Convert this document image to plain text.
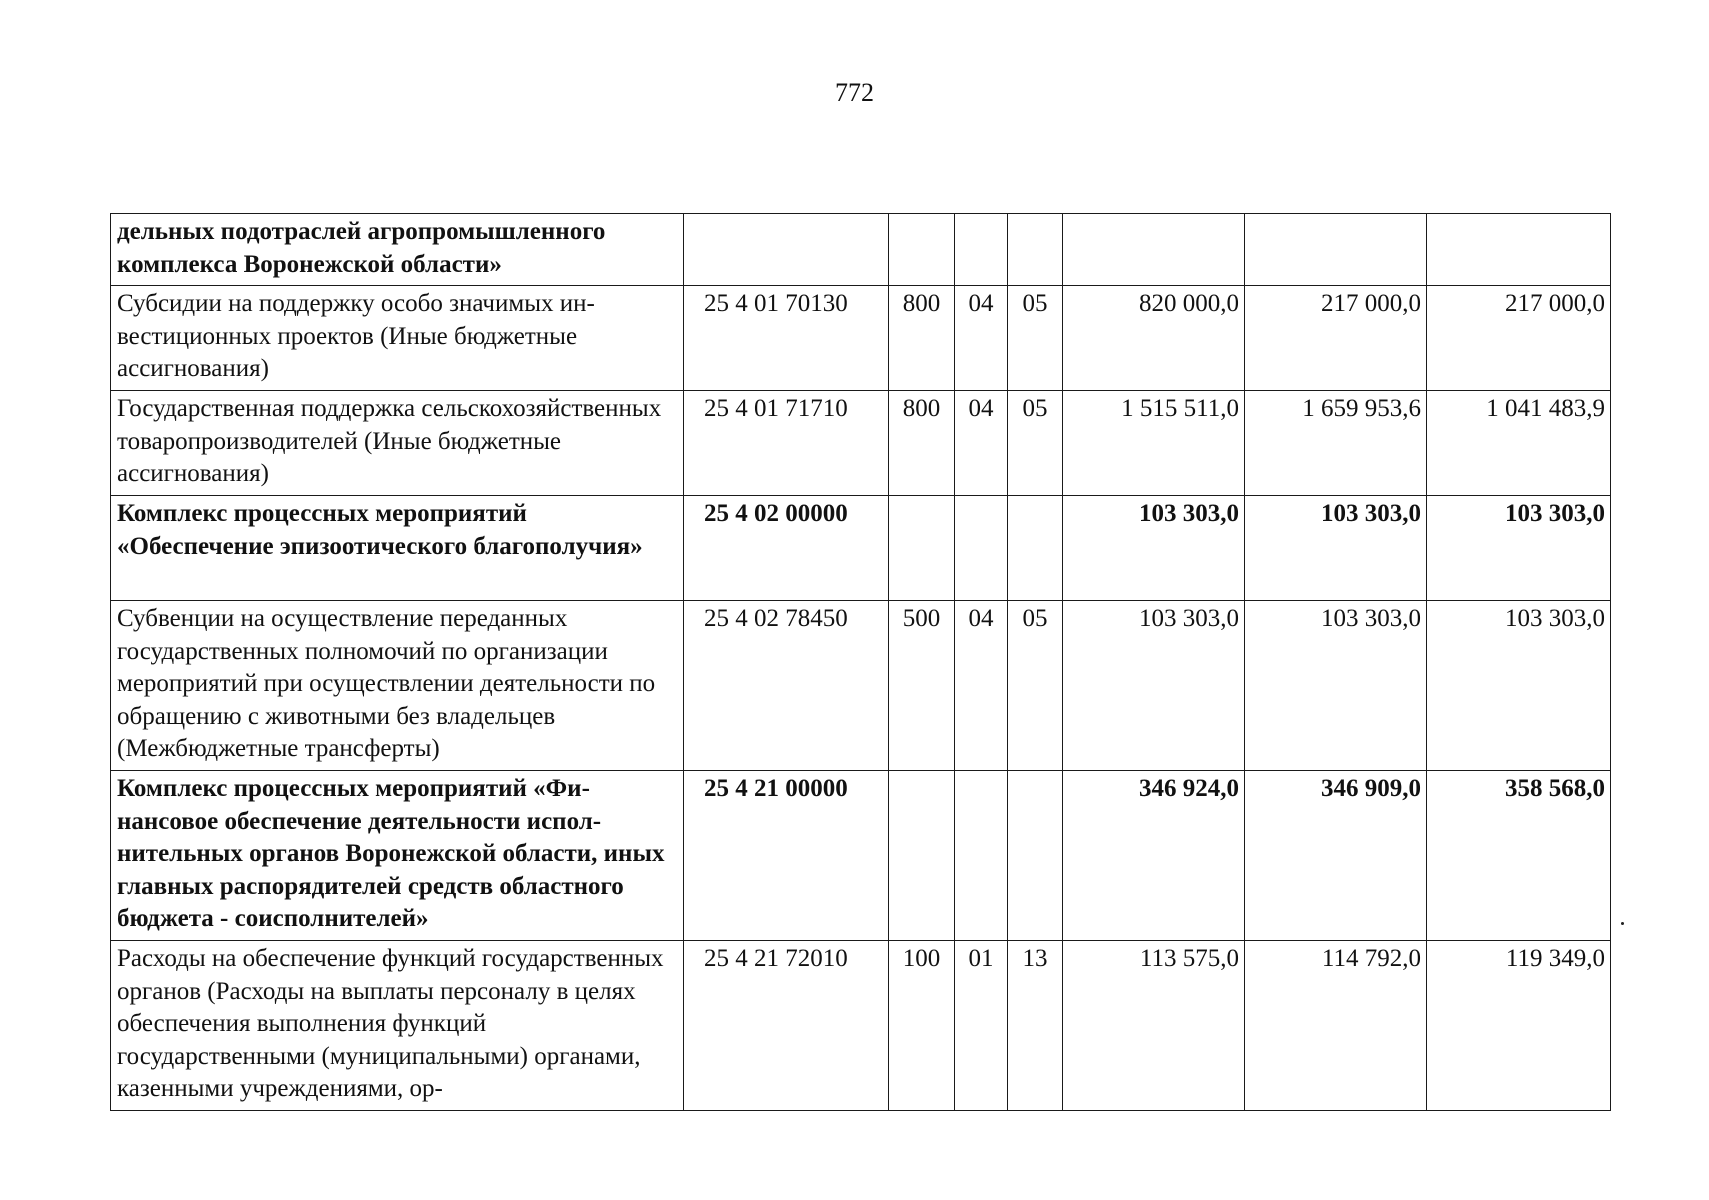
772
дельных подотраслей агропромышленного комплекса Воронежской области»							
Субсидии на поддержку особо значимых инвестиционных проектов (Иные бюджетные ассигнования)	25 4 01 70130	800	04	05	820 000,0	217 000,0	217 000,0
Государственная поддержка сельскохозяйственных товаропроизводителей (Иные бюджетные ассигнования)	25 4 01 71710	800	04	05	1 515 511,0	1 659 953,6	1 041 483,9
Комплекс процессных мероприятий «Обеспечение эпизоотического благополучия»	25 4 02 00000				103 303,0	103 303,0	103 303,0
Субвенции на осуществление переданных государственных полномочий по организации мероприятий при осуществлении деятельности по обращению с животными без владельцев (Межбюджетные трансферты)	25 4 02 78450	500	04	05	103 303,0	103 303,0	103 303,0
Комплекс процессных мероприятий «Финансовое обеспечение деятельности исполнительных органов Воронежской области, иных главных распорядителей средств областного бюджета - соисполнителей»	25 4 21 00000				346 924,0	346 909,0	358 568,0
Расходы на обеспечение функций государственных органов (Расходы на выплаты персоналу в целях обеспечения выполнения функций государственными (муниципальными) органами, казенными учреждениями, ор-	25 4 21 72010	100	01	13	113 575,0	114 792,0	119 349,0
